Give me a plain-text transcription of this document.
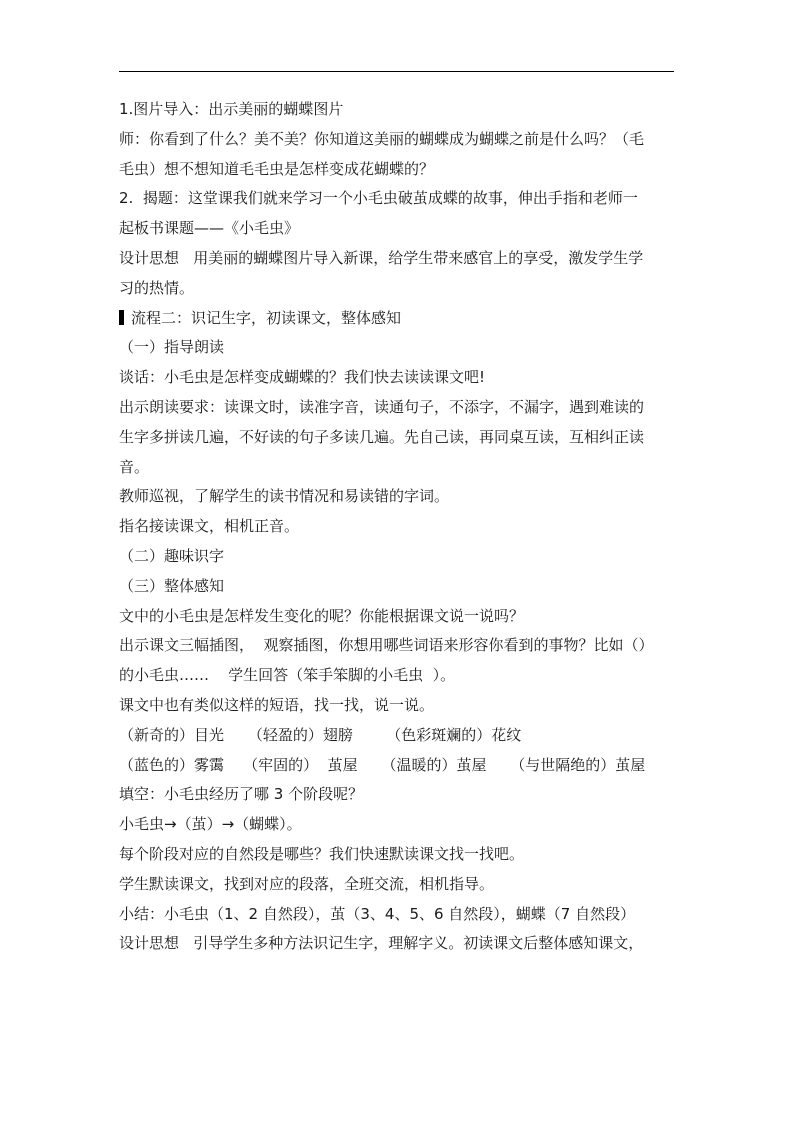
1.图片导入：出示美丽的蝴蝶图片
师：你看到了什么？美不美？你知道这美丽的蝴蝶成为蝴蝶之前是什么吗？（毛
毛虫）想不想知道毛毛虫是怎样变成花蝴蝶的？
2.  揭题：这堂课我们就来学习一个小毛虫破茧成蝶的故事，伸出手指和老师一
起板书课题——《小毛虫》
设计思想   用美丽的蝴蝶图片导入新课，给学生带来感官上的享受，激发学生学
习的热情。
流程二：识记生字，初读课文，整体感知
（一）指导朗读
谈话：小毛虫是怎样变成蝴蝶的？我们快去读读课文吧!
出示朗读要求：读课文时，读准字音，读通句子，不添字，不漏字，遇到难读的
生字多拼读几遍，不好读的句子多读几遍。先自己读，再同桌互读，互相纠正读
音。
教师巡视，了解学生的读书情况和易读错的字词。
指名接读课文，相机正音。
（二）趣味识字
（三）整体感知
文中的小毛虫是怎样发生变化的呢？你能根据课文说一说吗？
出示课文三幅插图，  观察插图，你想用哪些词语来形容你看到的事物？比如（）
的小毛虫……    学生回答（笨手笨脚的小毛虫  ）。
课文中也有类似这样的短语，找一找，说一说。
（新奇的）目光     （轻盈的）翅膀       （色彩斑斓的）花纹
（蓝色的）雾霭    （牢固的）  茧屋     （温暖的）茧屋     （与世隔绝的）茧屋
填空：小毛虫经历了哪 3 个阶段呢？
小毛虫→（茧）→（蝴蝶）。
每个阶段对应的自然段是哪些？我们快速默读课文找一找吧。
学生默读课文，找到对应的段落，全班交流，相机指导。
小结：小毛虫（1、2 自然段），茧（3、4、5、6 自然段），蝴蝶（7 自然段）
设计思想   引导学生多种方法识记生字，理解字义。初读课文后整体感知课文，
